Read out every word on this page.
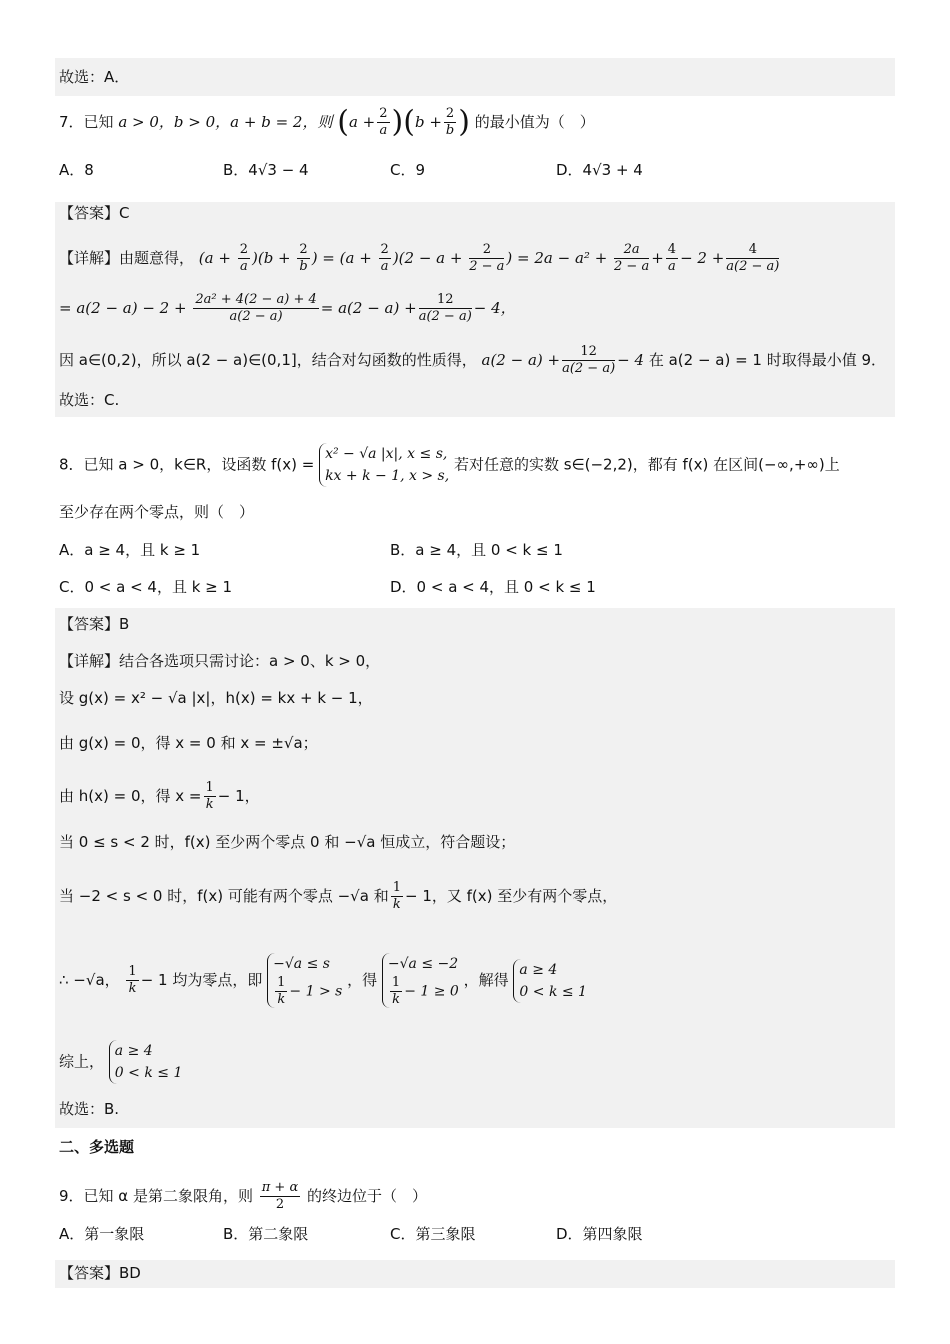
故选：A．
7．已知 a > 0，b > 0，a + b = 2，则 $(a + \frac{2}{a} )(b + \frac{2}{b}$ ) 的最小值为（　）
A．8	B．4√3 − 4	C．9	D．4√3 + 4
【答案】C
【详解】由题意得， $(a + \frac{2}{a} )(b + \frac{2}{b}$ ) = $(a + \frac{2}{a} )(2 - a + \frac{2}{2 - a}$ ) = $2a - a^2 + \frac{2a}{2 - a} + \frac{4}{a} - 2 + \frac{4}{a(2 - a)}$
= $a(2 - a) - 2 + \frac{\text{2a² + 4(2 − a) + 4}}{a(2 - a)} = a(2 - a) + \frac{12}{a(2 - a)} - 4$，
因 a∈(0,2)，所以 a(2 − a)∈(0,1]，结合对勾函数的性质得， $a(2 - a) + \frac{12}{a(2 - a)} - 4$ 在 a(2 − a) = 1 时取得最小值 9．
故选：C.
8．已知 a > 0，k∈R，设函数 f(x) =
x² − √a |x|, x ≤ s,
kx + k − 1, x > s,
若对任意的实数 s∈(−2,2)，都有 f(x) 在区间(−∞,+∞)上
至少存在两个零点，则（　）
A．a ≥ 4，且 k ≥ 1	B．a ≥ 4，且 0 < k ≤ 1
C．0 < a < 4，且 k ≥ 1	D．0 < a < 4，且 0 < k ≤ 1
【答案】B
【详解】结合各选项只需讨论：a > 0、k > 0，
设 g(x) = x² − √a |x|，h(x) = kx + k − 1，
由 g(x) = 0，得 x = 0 和 x = ±√a；
由 h(x) = 0，得 $x = \frac{1}{k} - 1$，
当 0 ≤ s < 2 时，f(x) 至少两个零点 0 和 −√a 恒成立，符合题设；
当 −2 < s < 0 时，f(x) 可能有两个零点 −√a 和 $\frac{1}{k} - 1$，又 f(x) 至少有两个零点，
∴ −√a， $\frac{1}{k} - 1$ 均为零点，即
−√a ≤ s
$\frac{1}{k} - 1 > s$
，得
−√a ≤ −2
$\frac{1}{k} - 1 \ge 0$
，解得
a ≥ 4
0 < k ≤ 1
综上，
a ≥ 4
0 < k ≤ 1
故选：B.
二、多选题
9．已知 α 是第二象限角，则 $\frac{\pi + \alpha}{2}$ 的终边位于（　）
A．第一象限	B．第二象限	C．第三象限	D．第四象限
【答案】BD
